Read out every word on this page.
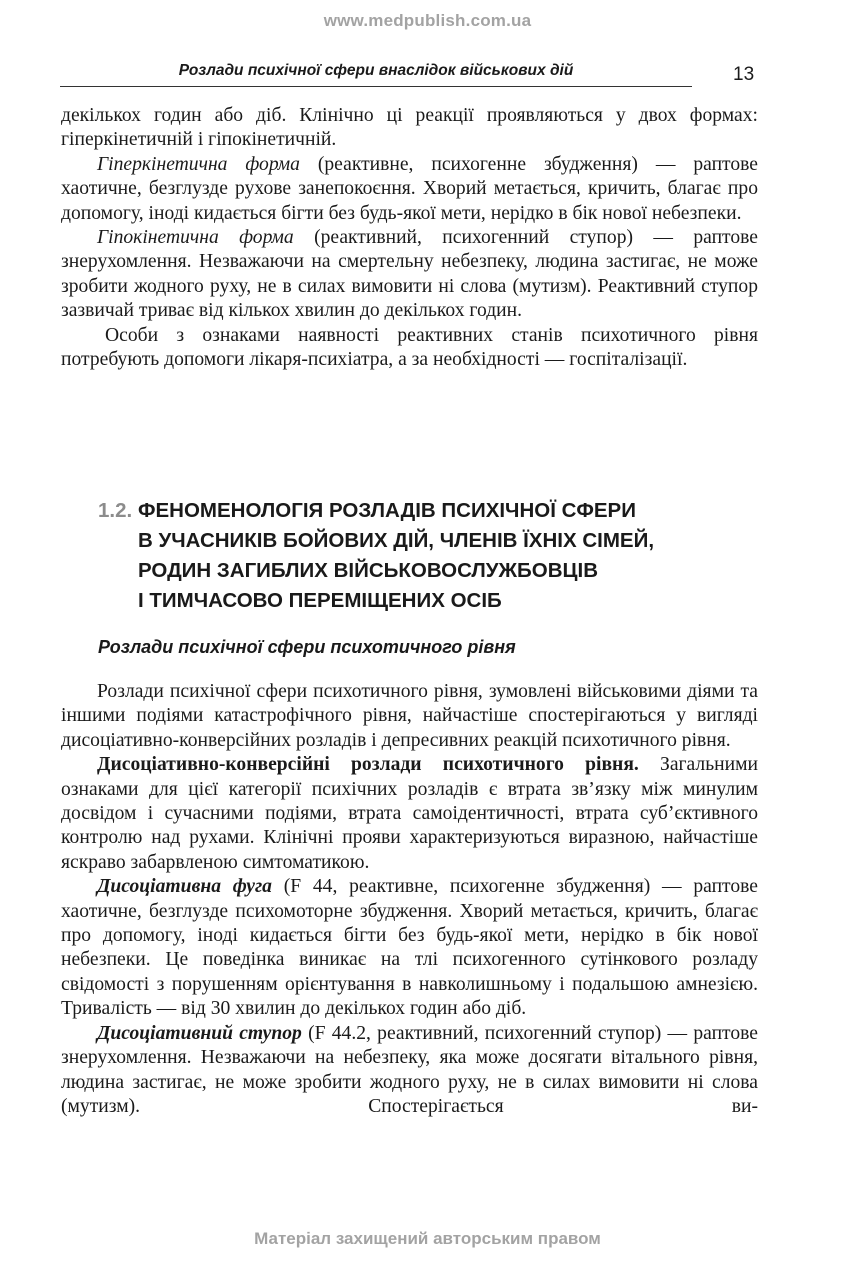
www.medpublish.com.ua
Розлади психічної сфери внаслідок військових дій	13

декількох годин або діб. Клінічно ці реакції проявляються у двох формах: гіперкінетичній і гіпокінетичній.

Гіперкінетична форма (реактивне, психогенне збудження) — раптове хаотичне, безглузде рухове занепокоєння. Хворий метається, кричить, благає про допомогу, іноді кидається бігти без будь-якої мети, нерідко в бік нової небезпеки.

Гіпокінетична форма (реактивний, психогенний ступор) — раптове знерухомлення. Незважаючи на смертельну небезпеку, людина застигає, не може зробити жодного руху, не в силах вимовити ні слова (мутизм). Реактивний ступор зазвичай триває від кількох хвилин до декількох годин.

Особи з ознаками наявності реактивних станів психотичного рівня потребують допомоги лікаря-психіатра, а за необхідності — госпіталізації.

1.2. ФЕНОМЕНОЛОГІЯ РОЗЛАДІВ ПСИХІЧНОЇ СФЕРИ
В УЧАСНИКІВ БОЙОВИХ ДІЙ, ЧЛЕНІВ ЇХНІХ СІМЕЙ,
РОДИН ЗАГИБЛИХ ВІЙСЬКОВОСЛУЖБОВЦІВ
І ТИМЧАСОВО ПЕРЕМІЩЕНИХ ОСІБ
Розлади психічної сфери психотичного рівня

Розлади психічної сфери психотичного рівня, зумовлені військовими діями та іншими подіями катастрофічного рівня, найчастіше спостерігаються у вигляді дисоціативно-конверсійних розладів і депресивних реакцій психотичного рівня.

Дисоціативно-конверсійні розлади психотичного рівня. Загальними ознаками для цієї категорії психічних розладів є втрата зв’язку між минулим досвідом і сучасними подіями, втрата самоідентичності, втрата суб’єктивного контролю над рухами. Клінічні прояви характеризуються виразною, найчастіше яскраво забарвленою симтоматикою.

Дисоціативна фуга (F 44, реактивне, психогенне збудження) — раптове хаотичне, безглузде психомоторне збудження. Хворий метається, кричить, благає про допомогу, іноді кидається бігти без будь-якої мети, нерідко в бік нової небезпеки. Це поведінка виникає на тлі психогенного сутінкового розладу свідомості з порушенням орієнтування в навколишньому і подальшою амнезією. Тривалість — від 30 хвилин до декількох годин або діб.

Дисоціативний ступор (F 44.2, реактивний, психогенний ступор) — раптове знерухомлення. Незважаючи на небезпеку, яка може досягати вітального рівня, людина застигає, не може зробити жодного руху, не в силах вимовити ні слова (мутизм). Спостерігається ви-

Матеріал захищений авторським правом
